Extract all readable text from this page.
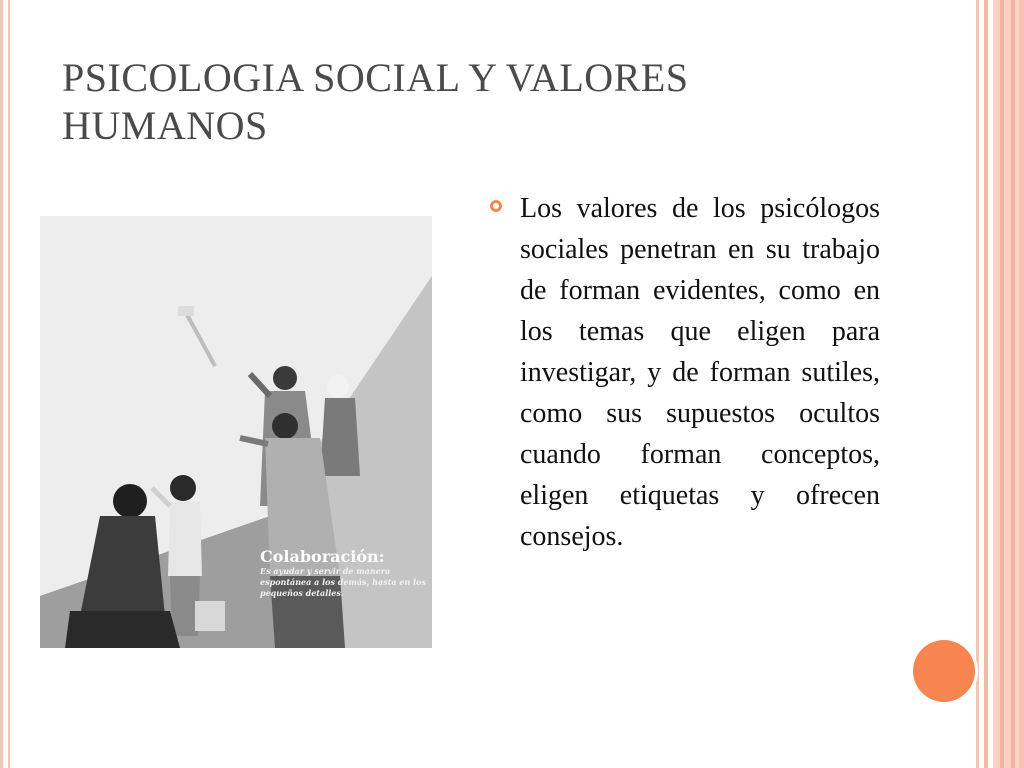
PSICOLOGIA SOCIAL Y VALORES HUMANOS
Colaboración:
Es ayudar y servir de manera espontánea a los demás, hasta en los pequeños detalles.
Los valores de los psicólogos sociales penetran en su trabajo de forman evidentes, como en los temas que eligen para investigar, y de forman sutiles, como sus supuestos ocultos cuando forman conceptos, eligen etiquetas y ofrecen consejos.
